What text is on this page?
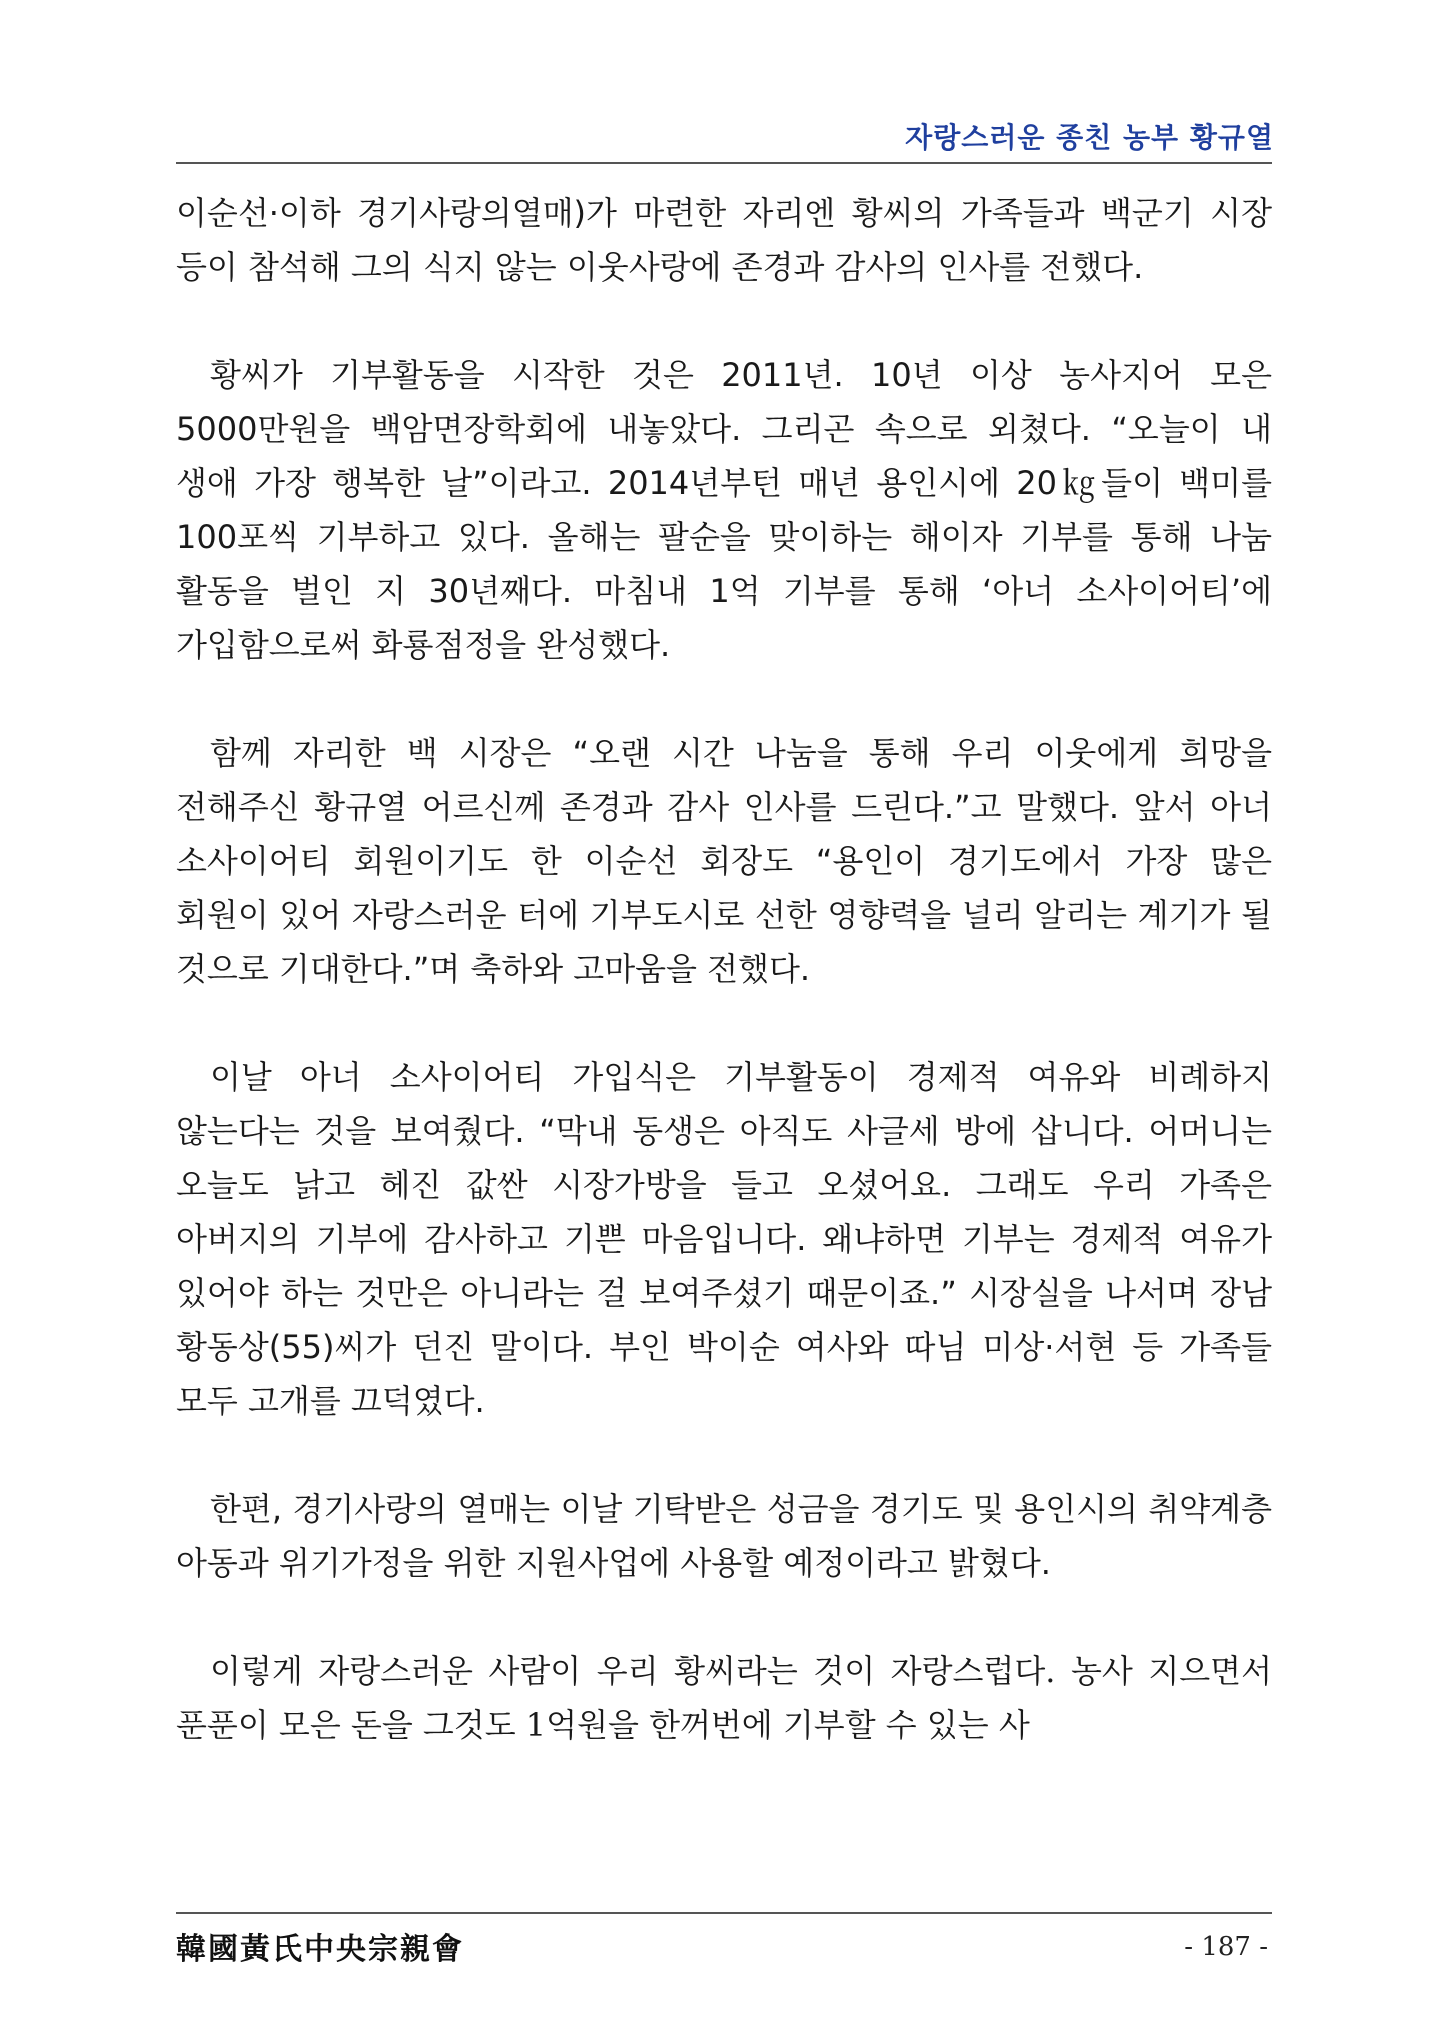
자랑스러운 종친 농부 황규열

이순선·이하 경기사랑의열매)가 마련한 자리엔 황씨의 가족들과 백군기 시장 등이 참석해 그의 식지 않는 이웃사랑에 존경과 감사의 인사를 전했다.

황씨가 기부활동을 시작한 것은 2011년. 10년 이상 농사지어 모은 5000만원을 백암면장학회에 내놓았다. 그리곤 속으로 외쳤다. “오늘이 내 생애 가장 행복한 날”이라고. 2014년부턴 매년 용인시에 20㎏들이 백미를 100포씩 기부하고 있다. 올해는 팔순을 맞이하는 해이자 기부를 통해 나눔 활동을 벌인 지 30년째다. 마침내 1억 기부를 통해 ‘아너 소사이어티’에 가입함으로써 화룡점정을 완성했다.

함께 자리한 백 시장은 “오랜 시간 나눔을 통해 우리 이웃에게 희망을 전해주신 황규열 어르신께 존경과 감사 인사를 드린다.”고 말했다. 앞서 아너 소사이어티 회원이기도 한 이순선 회장도 “용인이 경기도에서 가장 많은 회원이 있어 자랑스러운 터에 기부도시로 선한 영향력을 널리 알리는 계기가 될 것으로 기대한다.”며 축하와 고마움을 전했다.

이날 아너 소사이어티 가입식은 기부활동이 경제적 여유와 비례하지 않는다는 것을 보여줬다. “막내 동생은 아직도 사글세 방에 삽니다. 어머니는 오늘도 낡고 헤진 값싼 시장가방을 들고 오셨어요. 그래도 우리 가족은 아버지의 기부에 감사하고 기쁜 마음입니다. 왜냐하면 기부는 경제적 여유가 있어야 하는 것만은 아니라는 걸 보여주셨기 때문이죠.” 시장실을 나서며 장남 황동상(55)씨가 던진 말이다. 부인 박이순 여사와 따님 미상·서현 등 가족들 모두 고개를 끄덕였다.

한편, 경기사랑의 열매는 이날 기탁받은 성금을 경기도 및 용인시의 취약계층 아동과 위기가정을 위한 지원사업에 사용할 예정이라고 밝혔다.

이렇게 자랑스러운 사람이 우리 황씨라는 것이 자랑스럽다. 농사 지으면서 푼푼이 모은 돈을 그것도 1억원을 한꺼번에 기부할 수 있는 사

韓國黃氏中央宗親會	- 187 -
